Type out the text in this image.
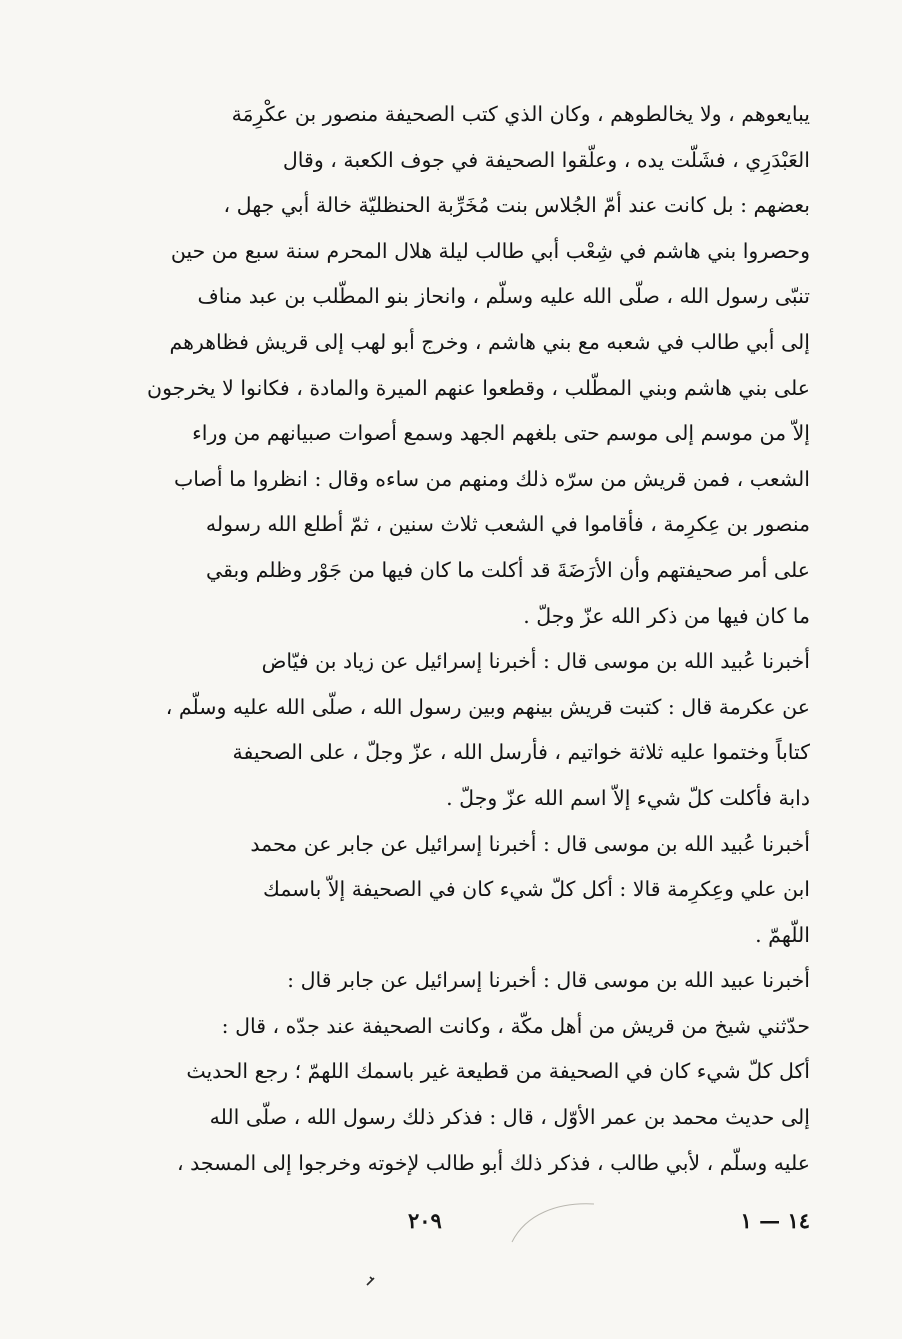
يبايعوهم ، ولا يخالطوهم ، وكان الذي كتب الصحيفة منصور بن عكْرِمَة
العَبْدَرِي ، فشَلّت يده ، وعلّقوا الصحيفة في جوف الكعبة ، وقال
بعضهم : بل كانت عند أمّ الجُلاس بنت مُخَرِّبة الحنظليّة خالة أبي جهل ،
وحصروا بني هاشم في شِعْب أبي طالب ليلة هلال المحرم سنة سبع من حين
تنبّى رسول الله ، صلّى الله عليه وسلّم ، وانحاز بنو المطّلب بن عبد مناف
إلى أبي طالب في شعبه مع بني هاشم ، وخرج أبو لهب إلى قريش فظاهرهم
على بني هاشم وبني المطّلب ، وقطعوا عنهم الميرة والمادة ، فكانوا لا يخرجون
إلاّ من موسم إلى موسم حتى بلغهم الجهد وسمع أصوات صبيانهم من وراء
الشعب ، فمن قريش من سرّه ذلك ومنهم من ساءه وقال : انظروا ما أصاب
منصور بن عِكرِمة ، فأقاموا في الشعب ثلاث سنين ، ثمّ أطلع الله رسوله
على أمر صحيفتهم وأن الأرَضَةَ قد أكلت ما كان فيها من جَوْر وظلم وبقي
ما كان فيها من ذكر الله عزّ وجلّ .
أخبرنا عُبيد الله بن موسى قال : أخبرنا إسرائيل عن زياد بن فيّاض
عن عكرمة قال : كتبت قريش بينهم وبين رسول الله ، صلّى الله عليه وسلّم ،
كتاباً وختموا عليه ثلاثة خواتيم ، فأرسل الله ، عزّ وجلّ ، على الصحيفة
دابة فأكلت كلّ شيء إلاّ اسم الله عزّ وجلّ .
أخبرنا عُبيد الله بن موسى قال : أخبرنا إسرائيل عن جابر عن محمد
ابن علي وعِكرِمة قالا : أكل كلّ شيء كان في الصحيفة إلاّ باسمك
اللّهمّ .
أخبرنا عبيد الله بن موسى قال : أخبرنا إسرائيل عن جابر قال :
حدّثني شيخ من قريش من أهل مكّة ، وكانت الصحيفة عند جدّه ، قال :
أكل كلّ شيء كان في الصحيفة من قطيعة غير باسمك اللهمّ ؛ رجع الحديث
إلى حديث محمد بن عمر الأوّل ، قال : فذكر ذلك رسول الله ، صلّى الله
عليه وسلّم ، لأبي طالب ، فذكر ذلك أبو طالب لإخوته وخرجوا إلى المسجد ،
١٤ — ١
٢٠٩
